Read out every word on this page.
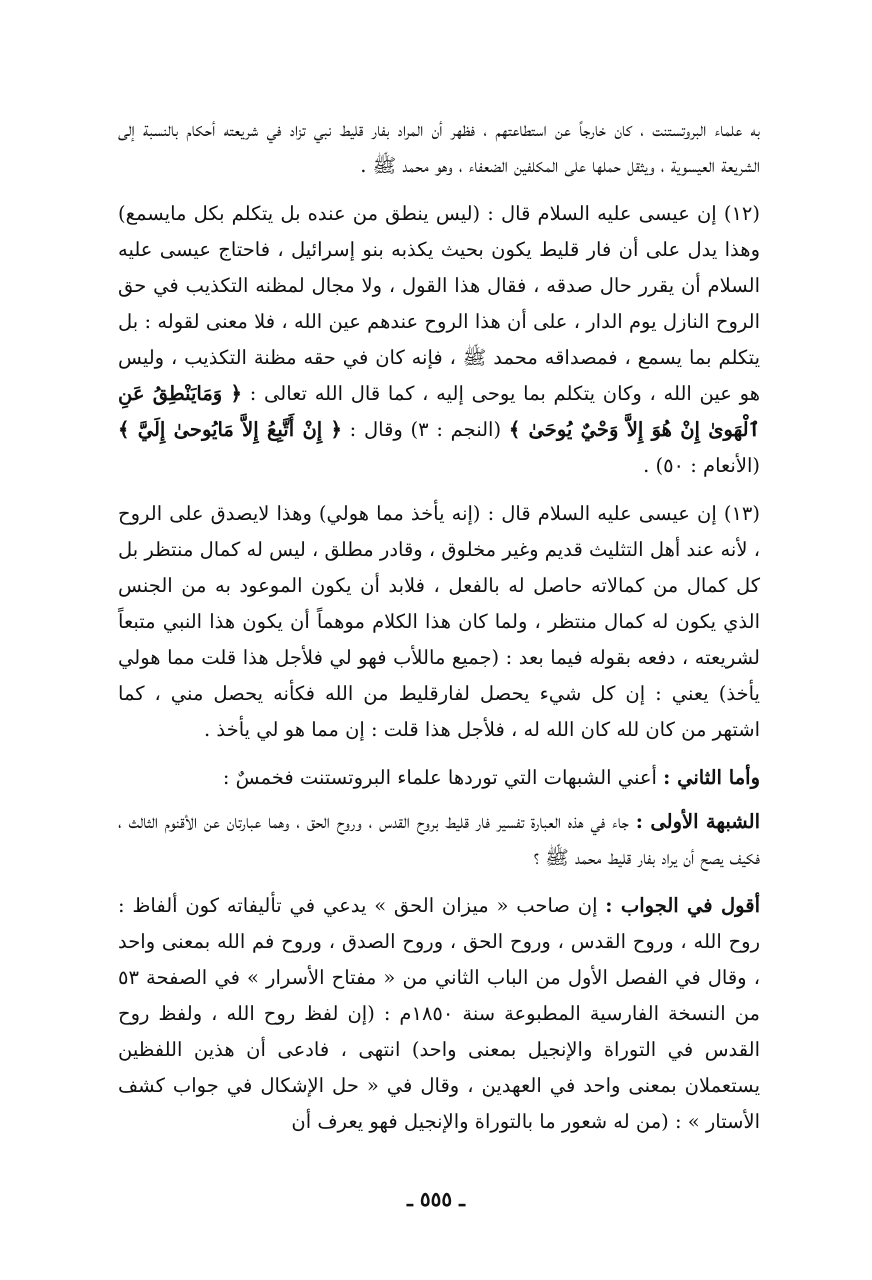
به علماء البروتستنت ، كان خارجاً عن استطاعتهم ، فظهر أن المراد بفار قليط نبي تزاد في شريعته أحكام بالنسبة إلى الشريعة العيسوية ، ويثقل حملها على المكلفين الضعفاء ، وهو محمد ﷺ .

(١٢) إن عيسى عليه السلام قال : (ليس ينطق من عنده بل يتكلم بكل مايسمع) وهذا يدل على أن فار قليط يكون بحيث يكذبه بنو إسرائيل ، فاحتاج عيسى عليه السلام أن يقرر حال صدقه ، فقال هذا القول ، ولا مجال لمظنه التكذيب في حق الروح النازل يوم الدار ، على أن هذا الروح عندهم عين الله ، فلا معنى لقوله : بل يتكلم بما يسمع ، فمصداقه محمد ﷺ ، فإنه كان في حقه مظنة التكذيب ، وليس هو عين الله ، وكان يتكلم بما يوحى إليه ، كما قال الله تعالى : ﴿ وَمَايَنْطِقُ عَنِ ٱلْهَوىٰ إِنْ هُوَ إِلاَّ وَحْيٌ يُوحَىٰ ﴾ (النجم : ٣) وقال : ﴿ إِنْ أَتَّبِعُ إِلاَّ مَايُوحىٰ إِلَيَّ ﴾ (الأنعام : ٥٠) .

(١٣) إن عيسى عليه السلام قال : (إنه يأخذ مما هولي) وهذا لايصدق على الروح ، لأنه عند أهل التثليث قديم وغير مخلوق ، وقادر مطلق ، ليس له كمال منتظر بل كل كمال من كمالاته حاصل له بالفعل ، فلابد أن يكون الموعود به من الجنس الذي يكون له كمال منتظر ، ولما كان هذا الكلام موهماً أن يكون هذا النبي متبعاً لشريعته ، دفعه بقوله فيما بعد : (جميع ماللأب فهو لي فلأجل هذا قلت مما هولي يأخذ) يعني : إن كل شيء يحصل لفارقليط من الله فكأنه يحصل مني ، كما اشتهر من كان لله كان الله له ، فلأجل هذا قلت : إن مما هو لي يأخذ .

وأما الثاني : أعني الشبهات التي توردها علماء البروتستنت فخمسٌ :

الشبهة الأولى : جاء في هذه العبارة تفسير فار قليط بروح القدس ، وروح الحق ، وهما عبارتان عن الأقنوم الثالث ، فكيف يصح أن يراد بفار قليط محمد ﷺ ؟

أقول في الجواب : إن صاحب « ميزان الحق » يدعي في تأليفاته كون ألفاظ : روح الله ، وروح القدس ، وروح الحق ، وروح الصدق ، وروح فم الله بمعنى واحد ، وقال في الفصل الأول من الباب الثاني من « مفتاح الأسرار » في الصفحة ٥٣ من النسخة الفارسية المطبوعة سنة ١٨٥٠م : (إن لفظ روح الله ، ولفظ روح القدس في التوراة والإنجيل بمعنى واحد) انتهى ، فادعى أن هذين اللفظين يستعملان بمعنى واحد في العهدين ، وقال في « حل الإشكال في جواب كشف الأستار » : (من له شعور ما بالتوراة والإنجيل فهو يعرف أن

ـ ٥٥٥ ـ
